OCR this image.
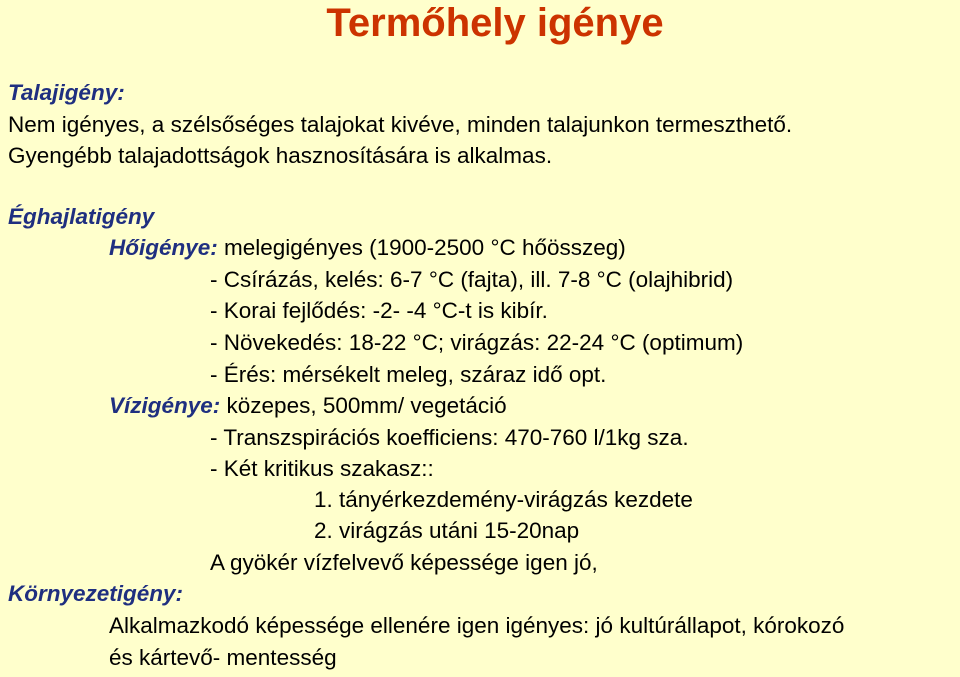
Termőhely igénye
Talajigény:
Nem igényes, a szélsőséges talajokat kivéve, minden talajunkon termeszthető.
Gyengébb talajadottságok hasznosítására is alkalmas.
Éghajlatigény
Hőigénye: melegigényes (1900-2500 °C hőösszeg)
- Csírázás, kelés: 6-7 °C (fajta), ill. 7-8 °C (olajhibrid)
- Korai fejlődés: -2- -4 °C-t is kibír.
- Növekedés: 18-22 °C; virágzás: 22-24 °C (optimum)
- Érés: mérsékelt meleg, száraz idő opt.
Vízigénye: közepes, 500mm/ vegetáció
- Transzspirációs koefficiens: 470-760 l/1kg sza.
- Két kritikus szakasz::
1. tányérkezdemény-virágzás kezdete
2. virágzás utáni 15-20nap
A gyökér vízfelvevő képessége igen jó,
Környezetigény:
Alkalmazkodó képessége ellenére igen igényes: jó kultúrállapot, kórokozó
és kártevő- mentesség
